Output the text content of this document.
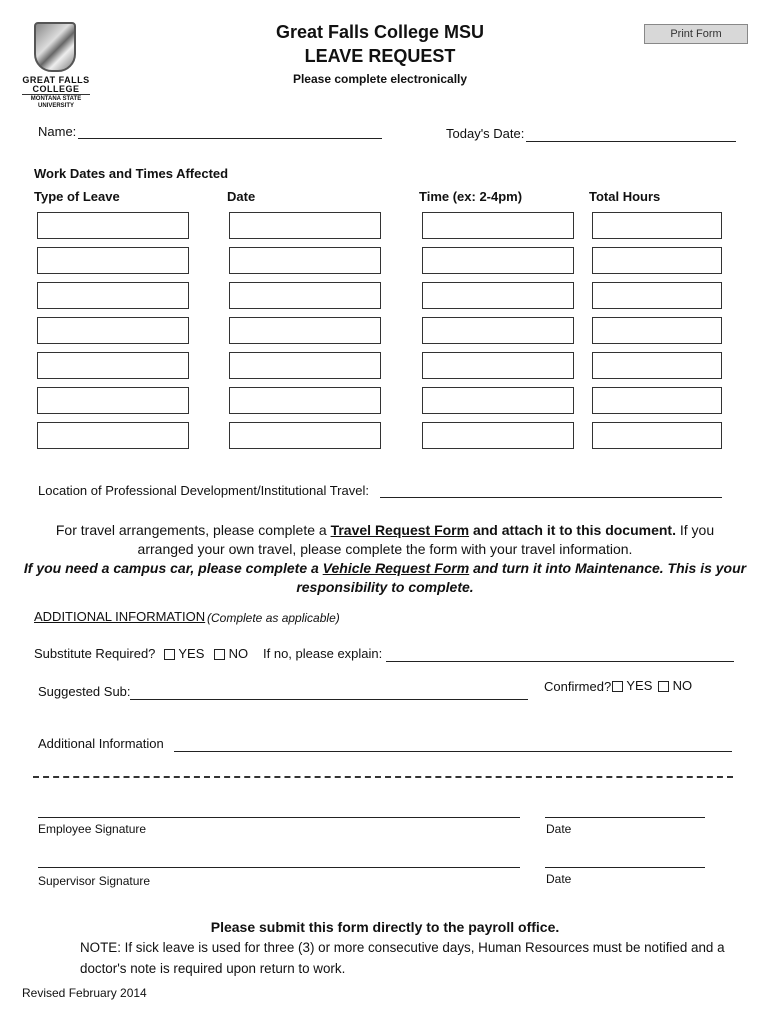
GREAT FALLS
COLLEGE
MONTANA STATE
UNIVERSITY
Great Falls College MSU
LEAVE REQUEST
Please complete electronically
Print Form
Name:	Today's Date:
Work Dates and Times Affected
Type of Leave	Date	Time (ex: 2-4pm)	Total Hours
Location of Professional Development/Institutional Travel:
For travel arrangements, please complete a Travel Request Form and attach it to this document. If you
arranged your own travel, please complete the form with your travel information.
If you need a campus car, please complete a Vehicle Request Form and turn it into Maintenance. This is your
responsibility to complete.
ADDITIONAL INFORMATION (Complete as applicable)
Substitute Required?	YES NO If no, please explain:
Suggested Sub:	Confirmed?	YES NO
Additional Information
Employee Signature	Date
Supervisor Signature	Date
Please submit this form directly to the payroll office.
NOTE: If sick leave is used for three (3) or more consecutive days, Human Resources must be notified and a
doctor's note is required upon return to work.
Revised February 2014
